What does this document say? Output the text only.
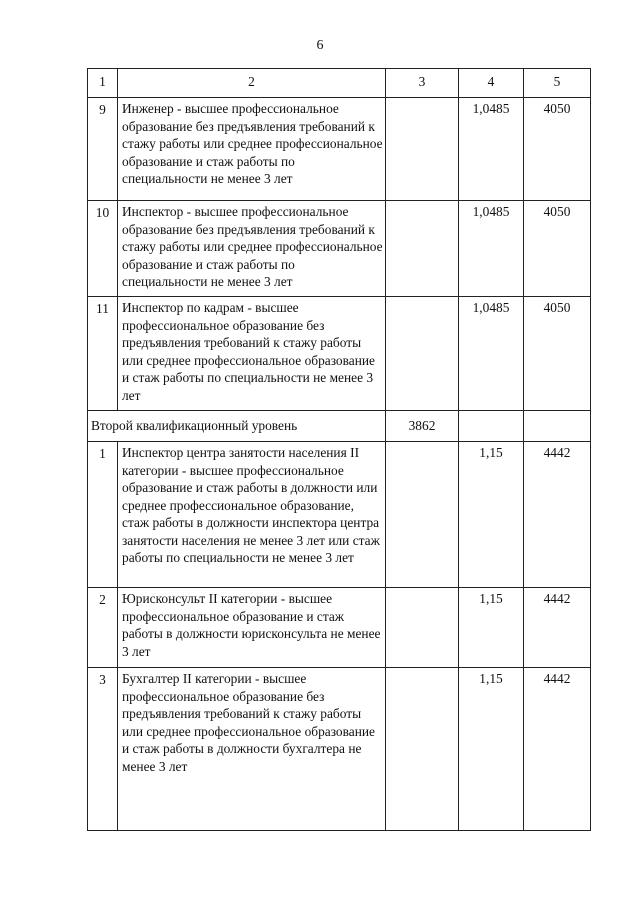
6
1	2	3	4	5
9	Инженер - высшее профессиональное образование без предъявления требований к стажу работы или среднее профессиональное образование и стаж работы по специальности не менее 3 лет		1,0485	4050
10	Инспектор - высшее профессиональное образование без предъявления требований к стажу работы или среднее профессиональное образование и стаж работы по специальности не менее 3 лет		1,0485	4050
11	Инспектор по кадрам - высшее профессиональное образование без предъявления требований к стажу работы или среднее профессиональное образование и стаж работы по специальности не менее 3 лет		1,0485	4050
Второй квалификационный уровень		3862		
1	Инспектор центра занятости населения II категории - высшее профессиональное образование и стаж работы в должности или среднее профессиональное образование, стаж работы в должности инспектора центра занятости населения не менее 3 лет или стаж работы по специальности не менее 3 лет		1,15	4442
2	Юрисконсульт II категории - высшее профессиональное образование и стаж работы в должности юрисконсульта не менее 3 лет		1,15	4442
3	Бухгалтер II категории - высшее профессиональное образование без предъявления требований к стажу работы или среднее профессиональное образование и стаж работы в должности бухгалтера не менее 3 лет		1,15	4442
